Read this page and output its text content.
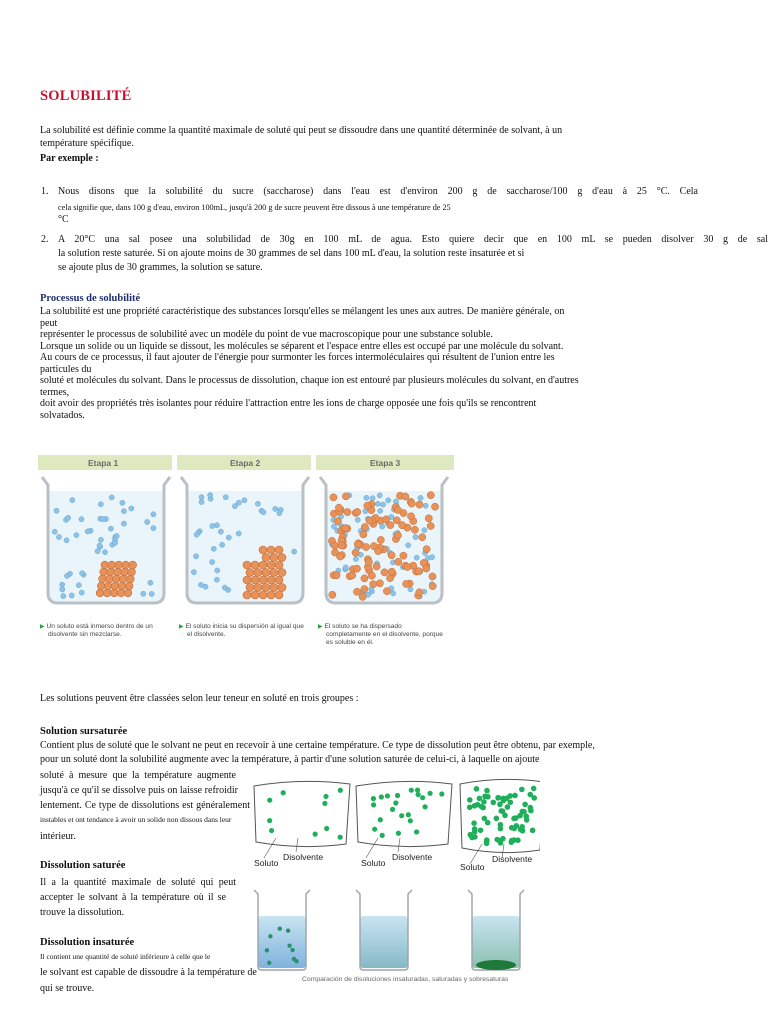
SOLUBILITÉ

La solubilité est définie comme la quantité maximale de soluté qui peut se dissoudre dans une quantité déterminée de solvant, à un

température spécifique.

Par exemple :

1. Nous disons que la solubilité du sucre (saccharose) dans l'eau est d'environ 200 g de saccharose/100 g d'eau à 25 °C. Cela

cela signifie que, dans 100 g d'eau, environ 100mL, jusqu'à 200 g de sucre peuvent être dissous à une température de 25

°C

2. A 20°C una sal posee una solubilidad de 30g en 100 mL de agua. Esto quiere decir que en 100 mL se pueden disolver 30 g de sal

la solution reste saturée. Si on ajoute moins de 30 grammes de sel dans 100 mL d'eau, la solution reste insaturée et si

se ajoute plus de 30 grammes, la solution se sature.

Processus de solubilité

La solubilité est une propriété caractéristique des substances lorsqu'elles se mélangent les unes aux autres. De manière générale, on peut

représenter le processus de solubilité avec un modèle du point de vue macroscopique pour une substance soluble.

Lorsque un solide ou un liquide se dissout, les molécules se séparent et l'espace entre elles est occupé par une molécule du solvant.

Au cours de ce processus, il faut ajouter de l'énergie pour surmonter les forces intermoléculaires qui résultent de l'union entre les particules du

soluté et molécules du solvant. Dans le processus de dissolution, chaque ion est entouré par plusieurs molécules du solvant, en d'autres termes,

doit avoir des propriétés très isolantes pour réduire l'attraction entre les ions de charge opposée une fois qu'ils se rencontrent

solvatados.

Etapa 1	Etapa 2	Etapa 3
▶ Un soluto está inmerso dentro de un
disolvente sin mezclarse.
▶ El soluto inicia su dispersión al igual que
el disolvente.
▶ El soluto se ha dispersado
completamente en el disolvente, porque
es soluble en él.

Les solutions peuvent être classées selon leur teneur en soluté en trois groupes :

Solution sursaturée

Contient plus de soluté que le solvant ne peut en recevoir à une certaine température. Ce type de dissolution peut être obtenu, par exemple,

pour un soluté dont la solubilité augmente avec la température, à partir d'une solution saturée de celui-ci, à laquelle on ajoute

soluté à mesure que la température augmente

jusqu'à ce qu'il se dissolve puis on laisse refroidir

lentement. Ce type de dissolutions est généralement

instables et ont tendance à avoir un solide non dissous dans leur

intérieur.

Dissolution saturée

Il a la quantité maximale de soluté qui peut

accepter le solvant à la température où il se

trouve la dissolution.

Dissolution insaturée

Il contient une quantité de soluté inférieure à celle que le

le solvant est capable de dissoudre à la température de

qui se trouve.

Soluto
Disolvente
Soluto
Disolvente
Soluto
Disolvente
Comparación de disoluciones insaturadas, saturadas y sobresaturas
